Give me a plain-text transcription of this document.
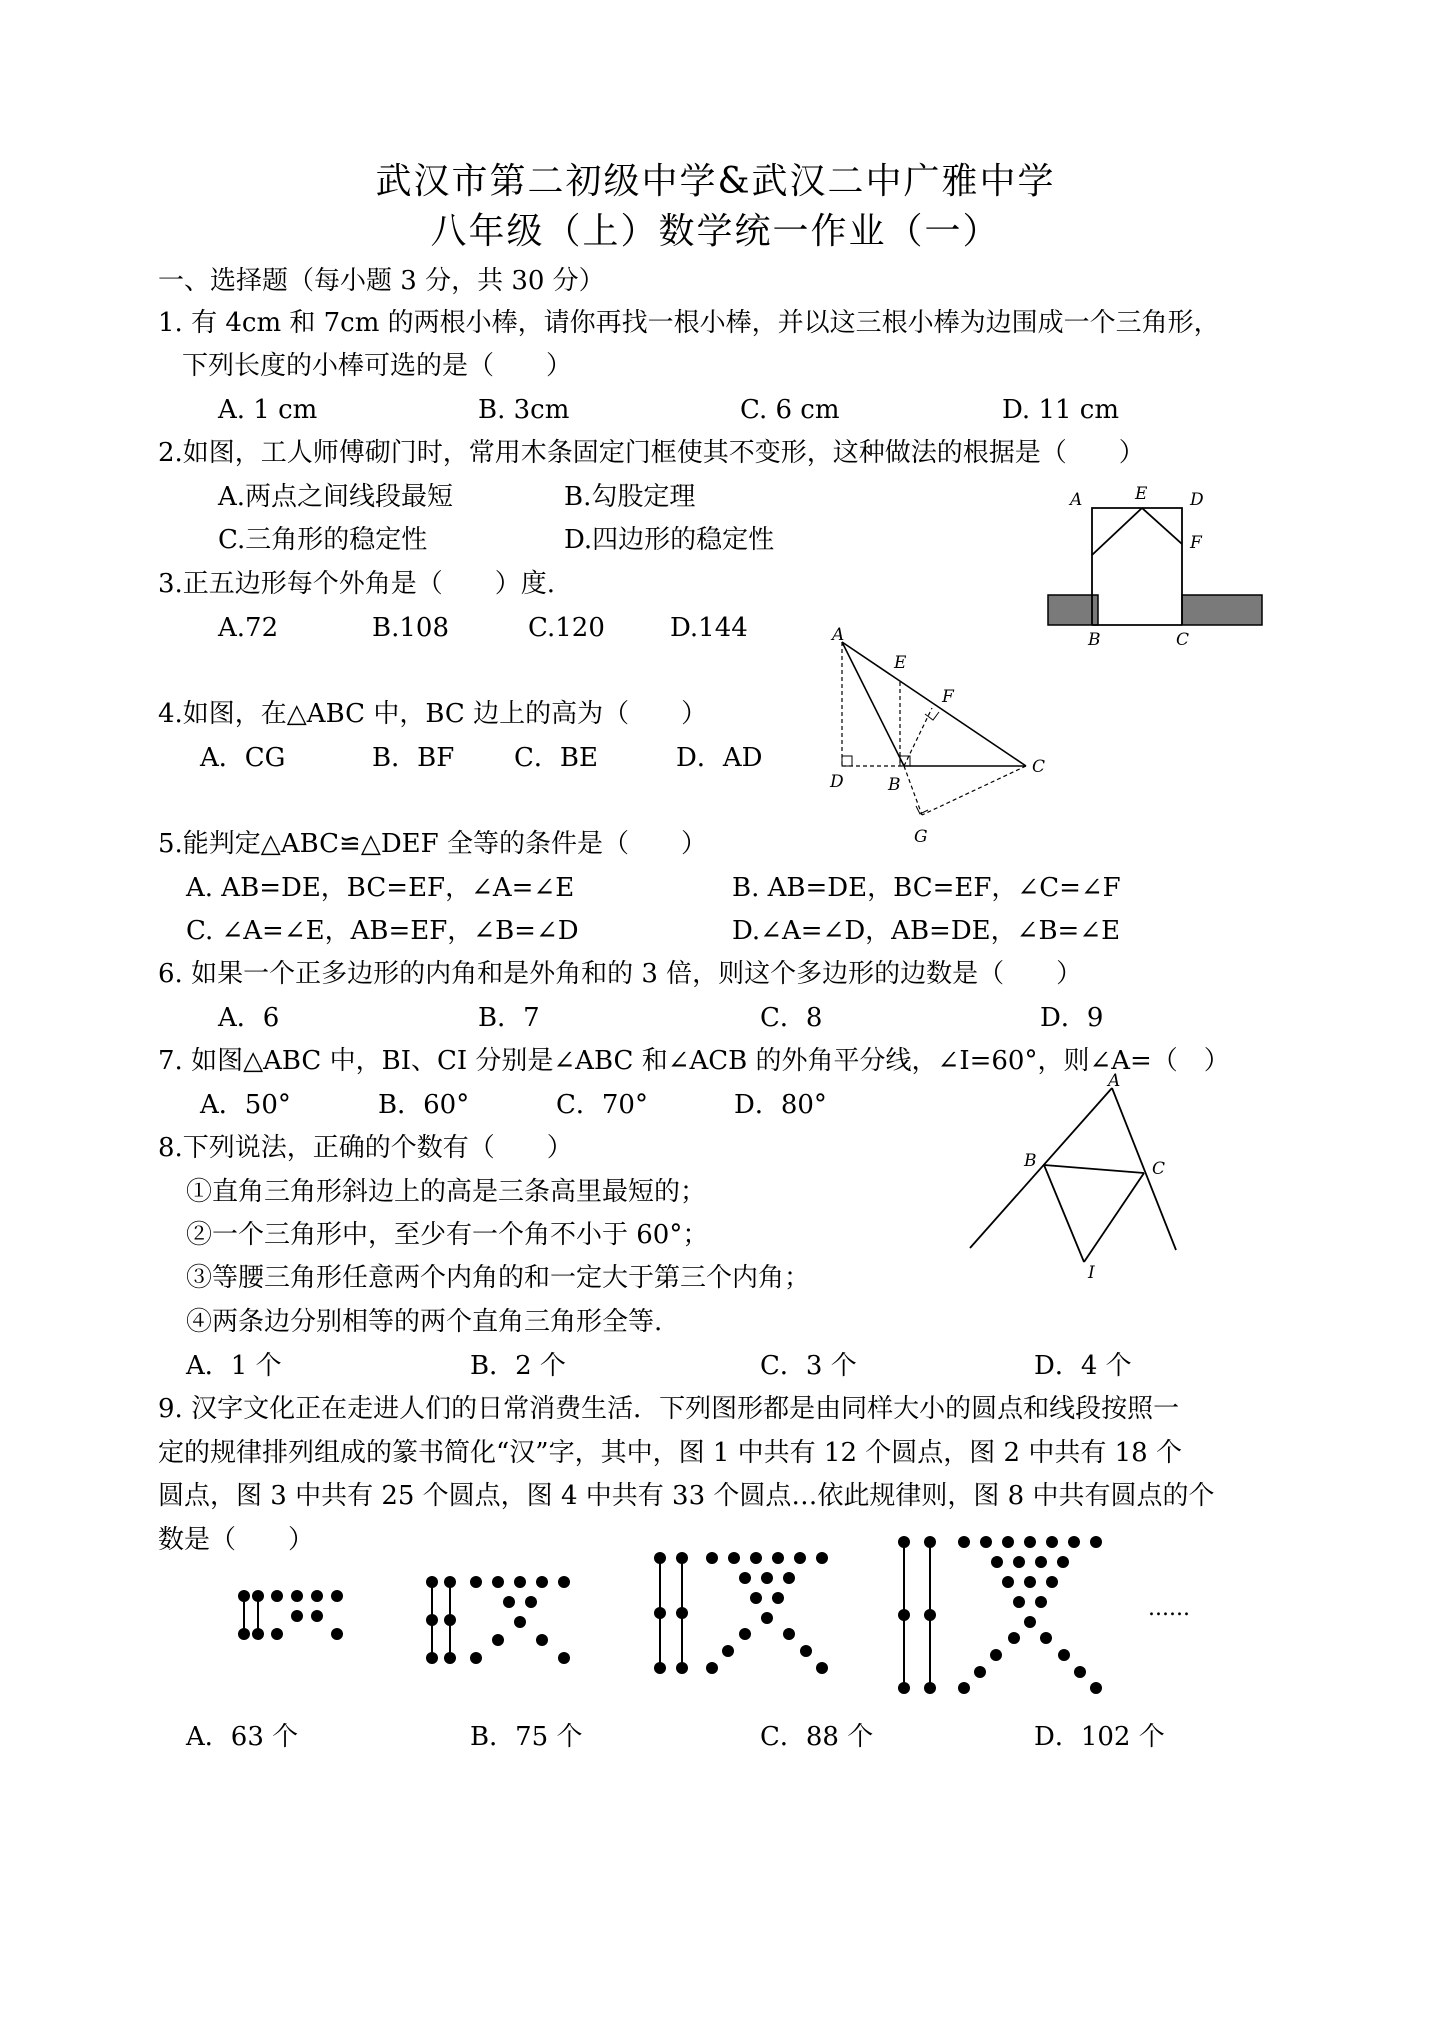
武汉市第二初级中学&武汉二中广雅中学
八年级（上）数学统一作业（一）
一、选择题（每小题 3 分，共 30 分）
1. 有 4cm 和 7cm 的两根小棒，请你再找一根小棒，并以这三根小棒为边围成一个三角形，
下列长度的小棒可选的是（　　）
A. 1 cm	B. 3cm	C. 6 cm	D. 11 cm
2.如图，工人师傅砌门时，常用木条固定门框使其不变形，这种做法的根据是（　　）
A.两点之间线段最短	B.勾股定理
C.三角形的稳定性	D.四边形的稳定性
A	E	D
F
B	C
3.正五边形每个外角是（　　）度.
A.72	B.108	C.120	D.144	A
E
F
D	B
C
G
4.如图，在△ABC 中，BC 边上的高为（　　）
A．CG	B．BF C．BE	D．AD
5.能判定△ABC≌△DEF 全等的条件是（　　）
A. AB=DE，BC=EF，∠A=∠E	B. AB=DE，BC=EF，∠C=∠F
C. ∠A=∠E，AB=EF，∠B=∠D	D.∠A=∠D，AB=DE，∠B=∠E
6. 如果一个正多边形的内角和是外角和的 3 倍，则这个多边形的边数是（　　）
A．6	B．7	C．8	D．9
7. 如图△ABC 中，BI、CI 分别是∠ABC 和∠ACB 的外角平分线，∠I=60°，则∠A=（　）
A．50°	B．60°	C．70°	D．80°
A
B	C
I
8.下列说法，正确的个数有（　　）
①直角三角形斜边上的高是三条高里最短的；
②一个三角形中，至少有一个角不小于 60°；
③等腰三角形任意两个内角的和一定大于第三个内角；
④两条边分别相等的两个直角三角形全等.
A．1 个	B．2 个	C．3 个	D．4 个
9. 汉字文化正在走进人们的日常消费生活．下列图形都是由同样大小的圆点和线段按照一
定的规律排列组成的篆书简化“汉”字，其中，图 1 中共有 12 个圆点，图 2 中共有 18 个
圆点，图 3 中共有 25 个圆点，图 4 中共有 33 个圆点…依此规律则，图 8 中共有圆点的个
数是（　　）
......
A．63 个	B．75 个	C．88 个	D．102 个
